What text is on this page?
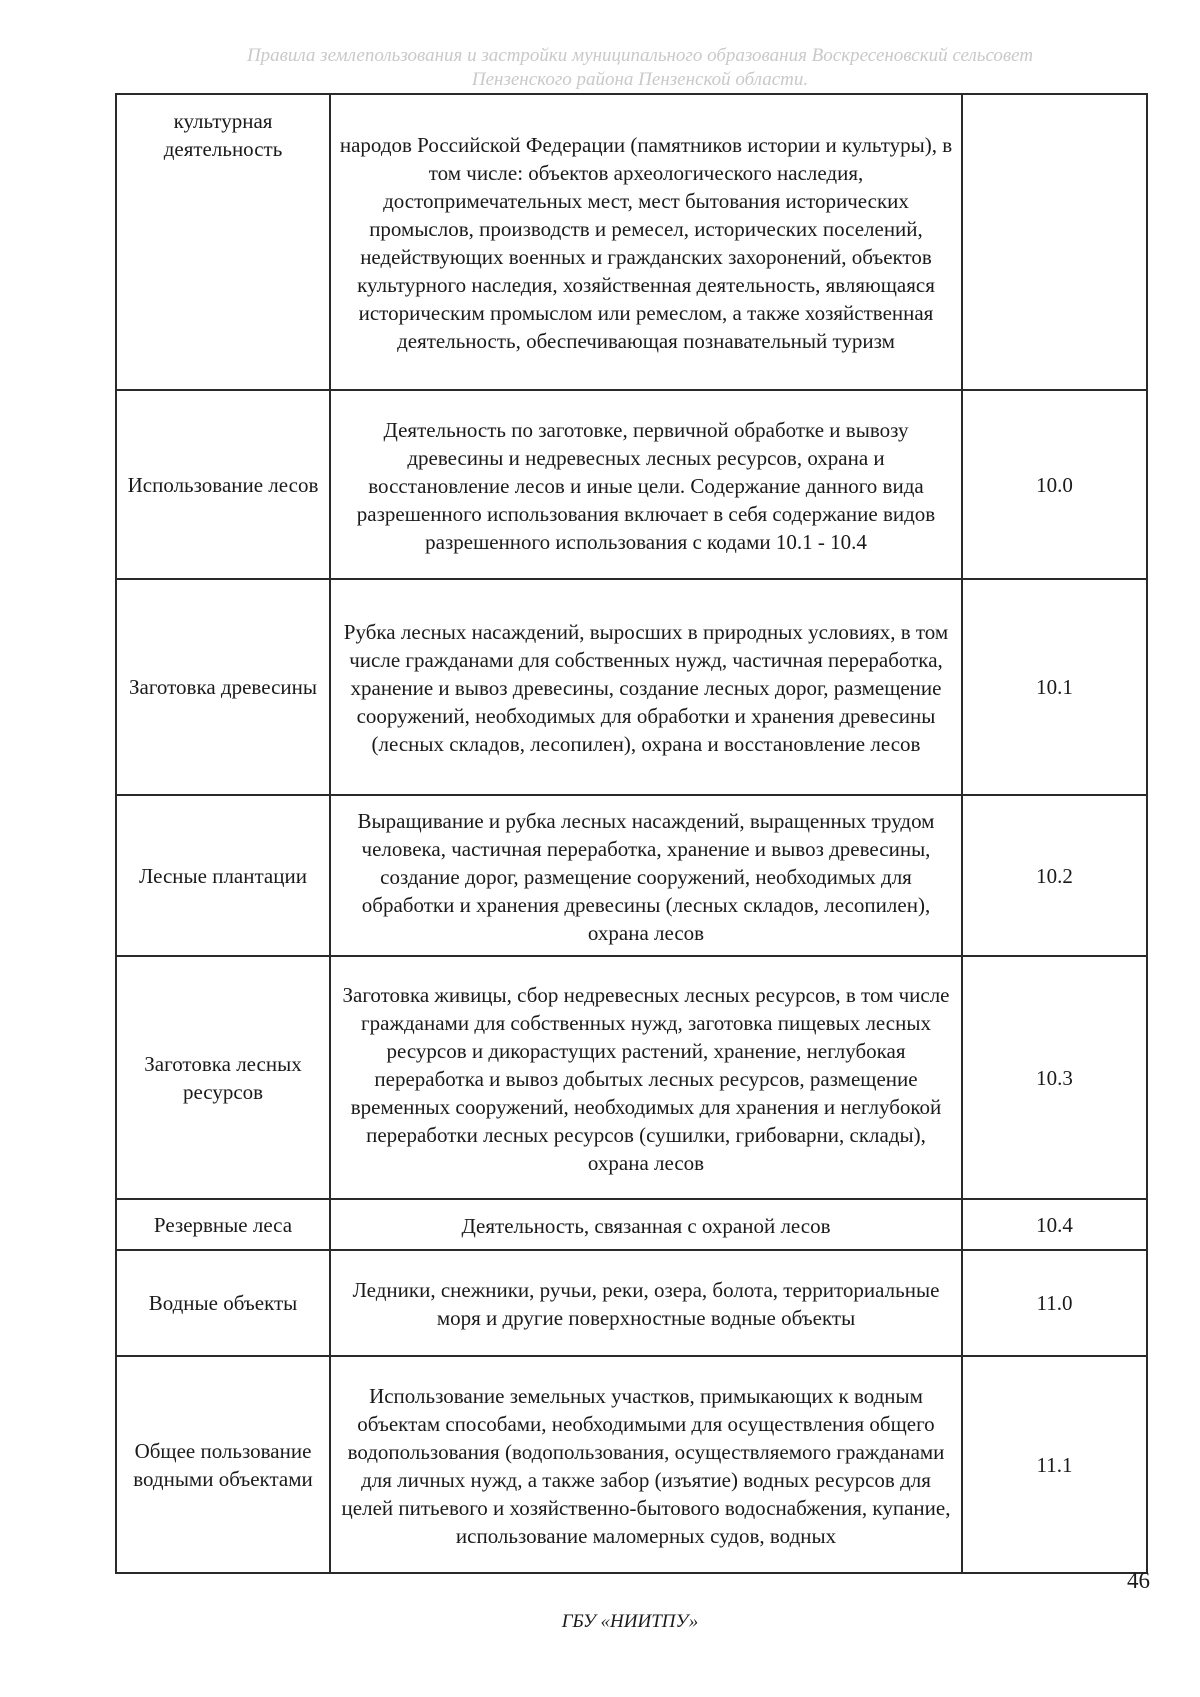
Правила землепользования и застройки муниципального образования Воскресеновский сельсовет
Пензенского района Пензенской области.
культурная деятельность	народов Российской Федерации (памятников истории и культуры), в том числе: объектов археологического наследия, достопримечательных мест, мест бытования исторических промыслов, производств и ремесел, исторических поселений, недействующих военных и гражданских захоронений, объектов культурного наследия, хозяйственная деятельность, являющаяся историческим промыслом или ремеслом, а также хозяйственная деятельность, обеспечивающая познавательный туризм	
Использование лесов	Деятельность по заготовке, первичной обработке и вывозу древесины и недревесных лесных ресурсов, охрана и восстановление лесов и иные цели. Содержание данного вида разрешенного использования включает в себя содержание видов разрешенного использования с кодами 10.1 - 10.4	10.0
Заготовка древесины	Рубка лесных насаждений, выросших в природных условиях, в том числе гражданами для собственных нужд, частичная переработка, хранение и вывоз древесины, создание лесных дорог, размещение сооружений, необходимых для обработки и хранения древесины (лесных складов, лесопилен), охрана и восстановление лесов	10.1
Лесные плантации	Выращивание и рубка лесных насаждений, выращенных трудом человека, частичная переработка, хранение и вывоз древесины, создание дорог, размещение сооружений, необходимых для обработки и хранения древесины (лесных складов, лесопилен), охрана лесов	10.2
Заготовка лесных ресурсов	Заготовка живицы, сбор недревесных лесных ресурсов, в том числе гражданами для собственных нужд, заготовка пищевых лесных ресурсов и дикорастущих растений, хранение, неглубокая переработка и вывоз добытых лесных ресурсов, размещение временных сооружений, необходимых для хранения и неглубокой переработки лесных ресурсов (сушилки, грибоварни, склады), охрана лесов	10.3
Резервные леса	Деятельность, связанная с охраной лесов	10.4
Водные объекты	Ледники, снежники, ручьи, реки, озера, болота, территориальные моря и другие поверхностные водные объекты	11.0
Общее пользование водными объектами	Использование земельных участков, примыкающих к водным объектам способами, необходимыми для осуществления общего водопользования (водопользования, осуществляемого гражданами для личных нужд, а также забор (изъятие) водных ресурсов для целей питьевого и хозяйственно-бытового водоснабжения, купание, использование маломерных судов, водных	11.1
46
ГБУ «НИИТПУ»
